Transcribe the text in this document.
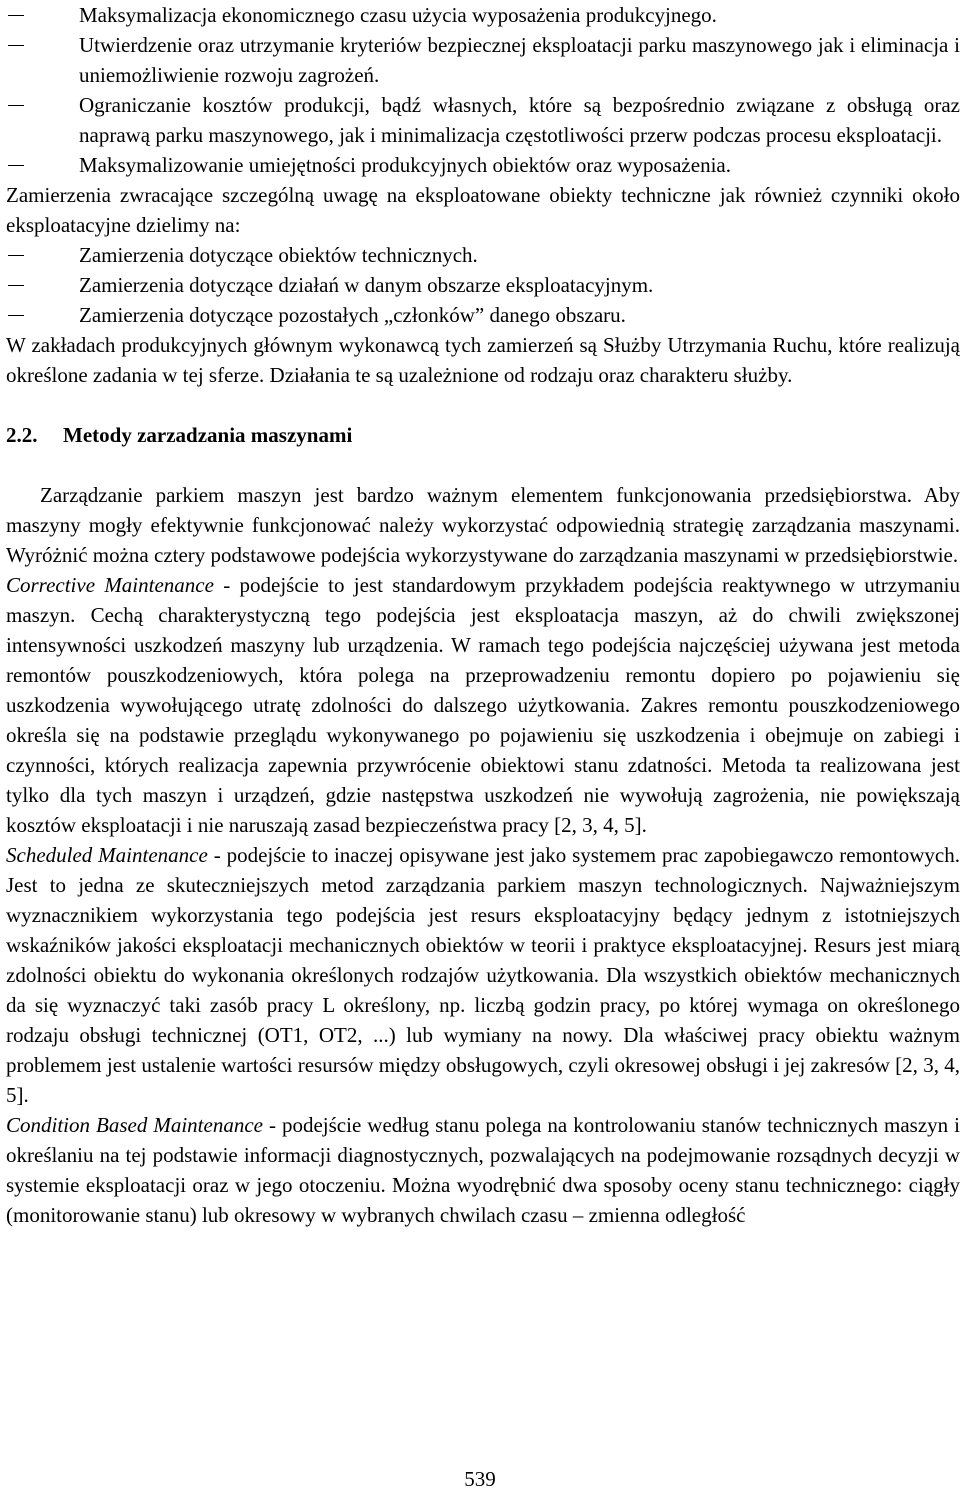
Maksymalizacja ekonomicznego czasu użycia wyposażenia produkcyjnego.
Utwierdzenie oraz utrzymanie kryteriów bezpiecznej eksploatacji parku maszynowego jak i eliminacja i uniemożliwienie rozwoju zagrożeń.
Ograniczanie kosztów produkcji, bądź własnych, które są bezpośrednio związane z obsługą oraz naprawą parku maszynowego, jak i minimalizacja częstotliwości przerw podczas procesu eksploatacji.
Maksymalizowanie umiejętności produkcyjnych obiektów oraz wyposażenia.
Zamierzenia zwracające szczególną uwagę na eksploatowane obiekty techniczne jak również czynniki około eksploatacyjne dzielimy na:
Zamierzenia dotyczące obiektów technicznych.
Zamierzenia dotyczące działań w danym obszarze eksploatacyjnym.
Zamierzenia dotyczące pozostałych „członków” danego obszaru.
W zakładach produkcyjnych głównym wykonawcą tych zamierzeń są Służby Utrzymania Ruchu, które realizują określone zadania w tej sferze. Działania te są uzależnione od rodzaju oraz charakteru służby.
2.2. Metody zarzadzania maszynami
Zarządzanie parkiem maszyn jest bardzo ważnym elementem funkcjonowania przedsiębiorstwa. Aby maszyny mogły efektywnie funkcjonować należy wykorzystać odpowiednią strategię zarządzania maszynami. Wyróżnić można cztery podstawowe podejścia wykorzystywane do zarządzania maszynami w przedsiębiorstwie.
Corrective Maintenance - podejście to jest standardowym przykładem podejścia reaktywnego w utrzymaniu maszyn. Cechą charakterystyczną tego podejścia jest eksploatacja maszyn, aż do chwili zwiększonej intensywności uszkodzeń maszyny lub urządzenia. W ramach tego podejścia najczęściej używana jest metoda remontów pouszkodzeniowych, która polega na przeprowadzeniu remontu dopiero po pojawieniu się uszkodzenia wywołującego utratę zdolności do dalszego użytkowania. Zakres remontu pouszkodzeniowego określa się na podstawie przeglądu wykonywanego po pojawieniu się uszkodzenia i obejmuje on zabiegi i czynności, których realizacja zapewnia przywrócenie obiektowi stanu zdatności. Metoda ta realizowana jest tylko dla tych maszyn i urządzeń, gdzie następstwa uszkodzeń nie wywołują zagrożenia, nie powiększają kosztów eksploatacji i nie naruszają zasad bezpieczeństwa pracy [2, 3, 4, 5].
Scheduled Maintenance - podejście to inaczej opisywane jest jako systemem prac zapobiegawczo remontowych. Jest to jedna ze skuteczniejszych metod zarządzania parkiem maszyn technologicznych. Najważniejszym wyznacznikiem wykorzystania tego podejścia jest resurs eksploatacyjny będący jednym z istotniejszych wskaźników jakości eksploatacji mechanicznych obiektów w teorii i praktyce eksploatacyjnej. Resurs jest miarą zdolności obiektu do wykonania określonych rodzajów użytkowania. Dla wszystkich obiektów mechanicznych da się wyznaczyć taki zasób pracy L określony, np. liczbą godzin pracy, po której wymaga on określonego rodzaju obsługi technicznej (OT1, OT2, ...) lub wymiany na nowy. Dla właściwej pracy obiektu ważnym problemem jest ustalenie wartości resursów między obsługowych, czyli okresowej obsługi i jej zakresów [2, 3, 4, 5].
Condition Based Maintenance - podejście według stanu polega na kontrolowaniu stanów technicznych maszyn i określaniu na tej podstawie informacji diagnostycznych, pozwalających na podejmowanie rozsądnych decyzji w systemie eksploatacji oraz w jego otoczeniu. Można wyodrębnić dwa sposoby oceny stanu technicznego: ciągły (monitorowanie stanu) lub okresowy w wybranych chwilach czasu – zmienna odległość
539
